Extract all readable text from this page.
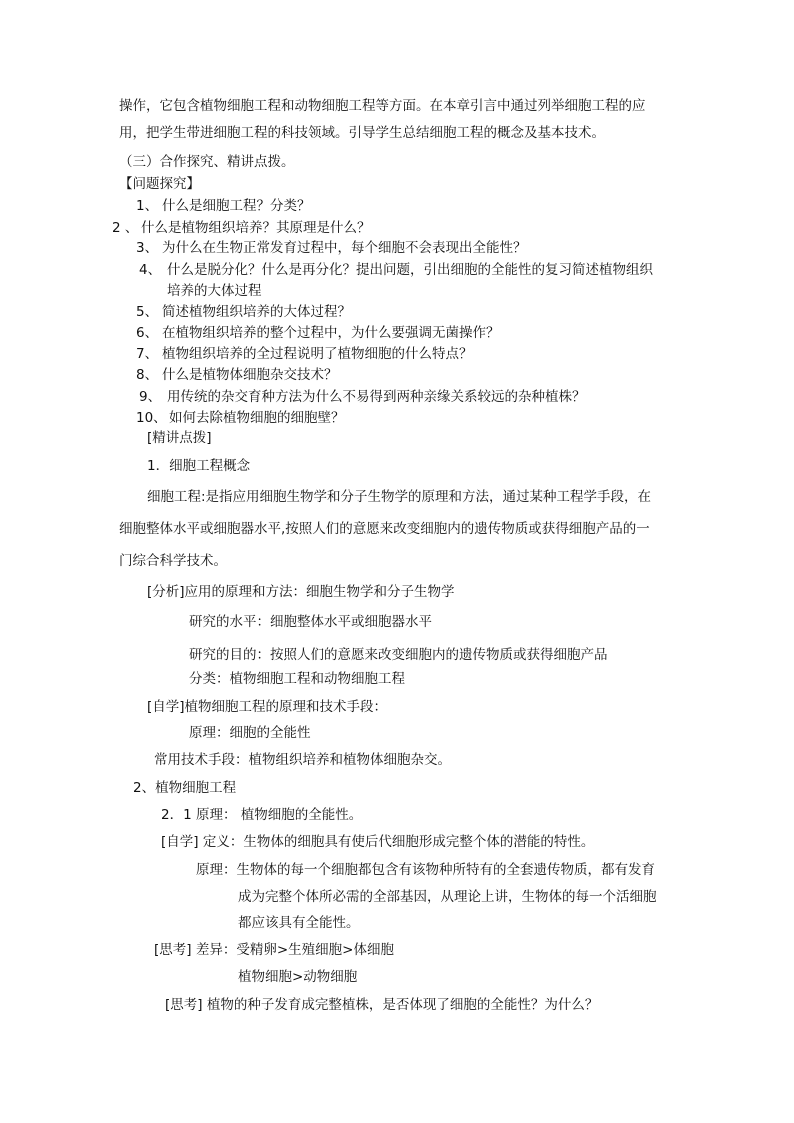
操作，它包含植物细胞工程和动物细胞工程等方面。在本章引言中通过列举细胞工程的应
用，把学生带进细胞工程的科技领域。引导学生总结细胞工程的概念及基本技术。
（三）合作探究、精讲点拨。
【问题探究】
1、 什么是细胞工程？分类？
2 、 什么是植物组织培养？其原理是什么？
3、 为什么在生物正常发育过程中，每个细胞不会表现出全能性？
4、 什么是脱分化？什么是再分化？提出问题，引出细胞的全能性的复习简述植物组织
培养的大体过程
5、 简述植物组织培养的大体过程？
6、 在植物组织培养的整个过程中，为什么要强调无菌操作？
7、 植物组织培养的全过程说明了植物细胞的什么特点？
8、 什么是植物体细胞杂交技术？
9、 用传统的杂交育种方法为什么不易得到两种亲缘关系较远的杂种植株？
10、 如何去除植物细胞的细胞壁？
[精讲点拨]
1．细胞工程概念
细胞工程:是指应用细胞生物学和分子生物学的原理和方法，通过某种工程学手段，在
细胞整体水平或细胞器水平,按照人们的意愿来改变细胞内的遗传物质或获得细胞产品的一
门综合科学技术。
[分析]应用的原理和方法：细胞生物学和分子生物学
研究的水平：细胞整体水平或细胞器水平
研究的目的：按照人们的意愿来改变细胞内的遗传物质或获得细胞产品
分类：植物细胞工程和动物细胞工程
[自学]植物细胞工程的原理和技术手段：
原理：细胞的全能性
常用技术手段：植物组织培养和植物体细胞杂交。
2、植物细胞工程
2．1 原理： 植物细胞的全能性。
[自学] 定义：生物体的细胞具有使后代细胞形成完整个体的潜能的特性。
原理：生物体的每一个细胞都包含有该物种所特有的全套遗传物质，都有发育
成为完整个体所必需的全部基因，从理论上讲，生物体的每一个活细胞
都应该具有全能性。
[思考] 差异：受精卵>生殖细胞>体细胞
植物细胞>动物细胞
[思考] 植物的种子发育成完整植株，是否体现了细胞的全能性？为什么？
